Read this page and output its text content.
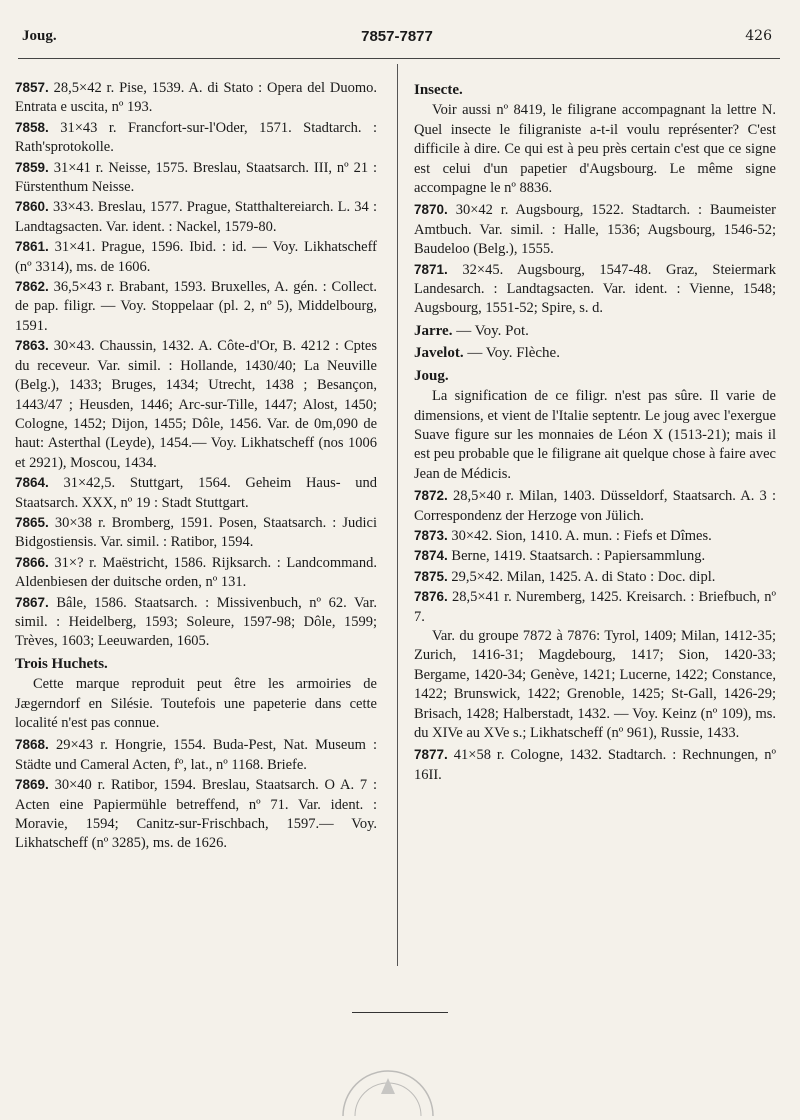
Joug.	7857-7877	426
7857. 28,5×42 r. Pise, 1539. A. di Stato : Opera del Duomo. Entrata e uscita, nº 193.
7858. 31×43 r. Francfort-sur-l'Oder, 1571. Stadtarch. : Rath'sprotokolle.
7859. 31×41 r. Neisse, 1575. Breslau, Staatsarch. III, nº 21 : Fürstenthum Neisse.
7860. 33×43. Breslau, 1577. Prague, Statthaltereiarch. L. 34 : Landtagsacten. Var. ident. : Nackel, 1579-80.
7861. 31×41. Prague, 1596. Ibid. : id. — Voy. Likhatscheff (nº 3314), ms. de 1606.
7862. 36,5×43 r. Brabant, 1593. Bruxelles, A. gén. : Collect. de pap. filigr. — Voy. Stoppelaar (pl. 2, nº 5), Middelbourg, 1591.
7863. 30×43. Chaussin, 1432. A. Côte-d'Or, B. 4212 : Cptes du receveur. Var. simil. : Hollande, 1430/40; La Neuville (Belg.), 1433; Bruges, 1434; Utrecht, 1438 ; Besançon, 1443/47 ; Heusden, 1446; Arc-sur-Tille, 1447; Alost, 1450; Cologne, 1452; Dijon, 1455; Dôle, 1456. Var. de 0m,090 de haut: Asterthal (Leyde), 1454.— Voy. Likhatscheff (nos 1006 et 2921), Moscou, 1434.
7864. 31×42,5. Stuttgart, 1564. Geheim Haus- und Staatsarch. XXX, nº 19 : Stadt Stuttgart.
7865. 30×38 r. Bromberg, 1591. Posen, Staatsarch. : Judici Bidgostiensis. Var. simil. : Ratibor, 1594.
7866. 31×? r. Maëstricht, 1586. Rijksarch. : Landcommand. Aldenbiesen der duitsche orden, nº 131.
7867. Bâle, 1586. Staatsarch. : Missivenbuch, nº 62. Var. simil. : Heidelberg, 1593; Soleure, 1597-98; Dôle, 1599; Trèves, 1603; Leeuwarden, 1605.
Trois Huchets.
Cette marque reproduit peut être les armoiries de Jægerndorf en Silésie. Toutefois une papeterie dans cette localité n'est pas connue.
7868. 29×43 r. Hongrie, 1554. Buda-Pest, Nat. Museum : Städte und Cameral Acten, fº, lat., nº 1168. Briefe.
7869. 30×40 r. Ratibor, 1594. Breslau, Staatsarch. O A. 7 : Acten eine Papiermühle betreffend, nº 71. Var. ident. : Moravie, 1594; Canitz-sur-Frischbach, 1597.— Voy. Likhatscheff (nº 3285), ms. de 1626.
Insecte.
Voir aussi nº 8419, le filigrane accompagnant la lettre N. Quel insecte le filigraniste a-t-il voulu représenter? C'est difficile à dire. Ce qui est à peu près certain c'est que ce signe est celui d'un papetier d'Augsbourg. Le même signe accompagne le nº 8836.
7870. 30×42 r. Augsbourg, 1522. Stadtarch. : Baumeister Amtbuch. Var. simil. : Halle, 1536; Augsbourg, 1546-52; Baudeloo (Belg.), 1555.
7871. 32×45. Augsbourg, 1547-48. Graz, Steiermark Landesarch. : Landtagsacten. Var. ident. : Vienne, 1548; Augsbourg, 1551-52; Spire, s. d.
Jarre. — Voy. Pot.
Javelot. — Voy. Flèche.
Joug.
La signification de ce filigr. n'est pas sûre. Il varie de dimensions, et vient de l'Italie septentr. Le joug avec l'exergue Suave figure sur les monnaies de Léon X (1513-21); mais il est peu probable que le filigrane ait quelque chose à faire avec Jean de Médicis.
7872. 28,5×40 r. Milan, 1403. Düsseldorf, Staatsarch. A. 3 : Correspondenz der Herzoge von Jülich.
7873. 30×42. Sion, 1410. A. mun. : Fiefs et Dîmes.
7874. Berne, 1419. Staatsarch. : Papiersammlung.
7875. 29,5×42. Milan, 1425. A. di Stato : Doc. dipl.
7876. 28,5×41 r. Nuremberg, 1425. Kreisarch. : Briefbuch, nº 7.
Var. du groupe 7872 à 7876: Tyrol, 1409; Milan, 1412-35; Zurich, 1416-31; Magdebourg, 1417; Sion, 1420-33; Bergame, 1420-34; Genève, 1421; Lucerne, 1422; Constance, 1422; Brunswick, 1422; Grenoble, 1425; St-Gall, 1426-29; Brisach, 1428; Halberstadt, 1432. — Voy. Keinz (nº 109), ms. du XIVe au XVe s.; Likhatscheff (nº 961), Russie, 1433.
7877. 41×58 r. Cologne, 1432. Stadtarch. : Rechnungen, nº 16II.
